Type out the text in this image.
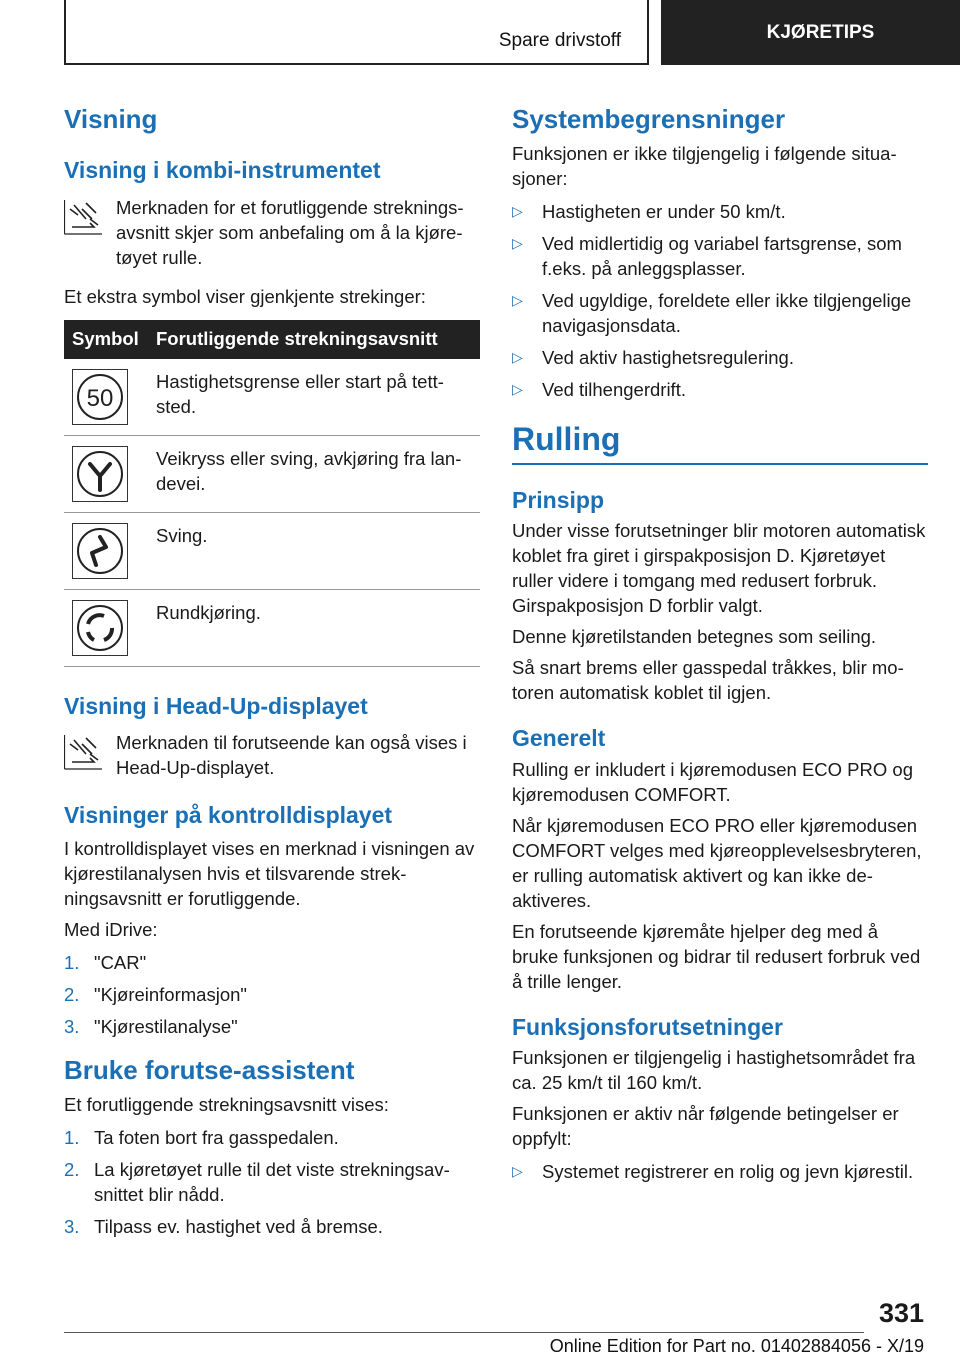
Spare drivstoff	KJØRETIPS
Visning
Visning i kombi-instrumentet
Merknaden for et forutliggende strekningsavsnitt skjer som anbefaling om å la kjøretøyet rulle.

Et ekstra symbol viser gjenkjente strekinger:

Symbol	Forutliggende strekningsavsnitt

50	Hastighetsgrense eller start på tettsted.

	Veikryss eller sving, avkjøring fra landevei.

	Sving.

	Rundkjøring.
Visning i Head-Up-displayet
Merknaden til forutseende kan også vises i Head-Up-displayet.
Visninger på kontrolldisplayet

I kontrolldisplayet vises en merknad i visningen av kjørestilanalysen hvis et tilsvarende strekningsavsnitt er forutliggende.

Med iDrive:

1. "CAR"
2. "Kjøreinformasjon"
3. "Kjørestilanalyse"
Bruke forutse-assistent

Et forutliggende strekningsavsnitt vises:

1. Ta foten bort fra gasspedalen.
2. La kjøretøyet rulle til det viste strekningsavsnittet blir nådd.
3. Tilpass ev. hastighet ved å bremse.
Systembegrensninger

Funksjonen er ikke tilgjengelig i følgende situasjoner:

▷ Hastigheten er under 50 km/t.
▷ Ved midlertidig og variabel fartsgrense, som f.eks. på anleggsplasser.
▷ Ved ugyldige, foreldete eller ikke tilgjengelige navigasjonsdata.
▷ Ved aktiv hastighetsregulering.
▷ Ved tilhengerdrift.
Rulling
Prinsipp

Under visse forutsetninger blir motoren automatisk koblet fra giret i girspakposisjon D. Kjøretøyet ruller videre i tomgang med redusert forbruk. Girspakposisjon D forblir valgt.

Denne kjøretilstanden betegnes som seiling.

Så snart brems eller gasspedal tråkkes, blir motoren automatisk koblet til igjen.

Generelt

Rulling er inkludert i kjøremodusen ECO PRO og kjøremodusen COMFORT.

Når kjøremodusen ECO PRO eller kjøremodusen COMFORT velges med kjøreopplevelsesbryteren, er rulling automatisk aktivert og kan ikke deaktiveres.

En forutseende kjøremåte hjelper deg med å bruke funksjonen og bidrar til redusert forbruk ved å trille lenger.

Funksjonsforutsetninger

Funksjonen er tilgjengelig i hastighetsområdet fra ca. 25 km/t til 160 km/t.

Funksjonen er aktiv når følgende betingelser er oppfylt:

▷ Systemet registrerer en rolig og jevn kjørestil.
331
Online Edition for Part no. 01402884056 - X/19
